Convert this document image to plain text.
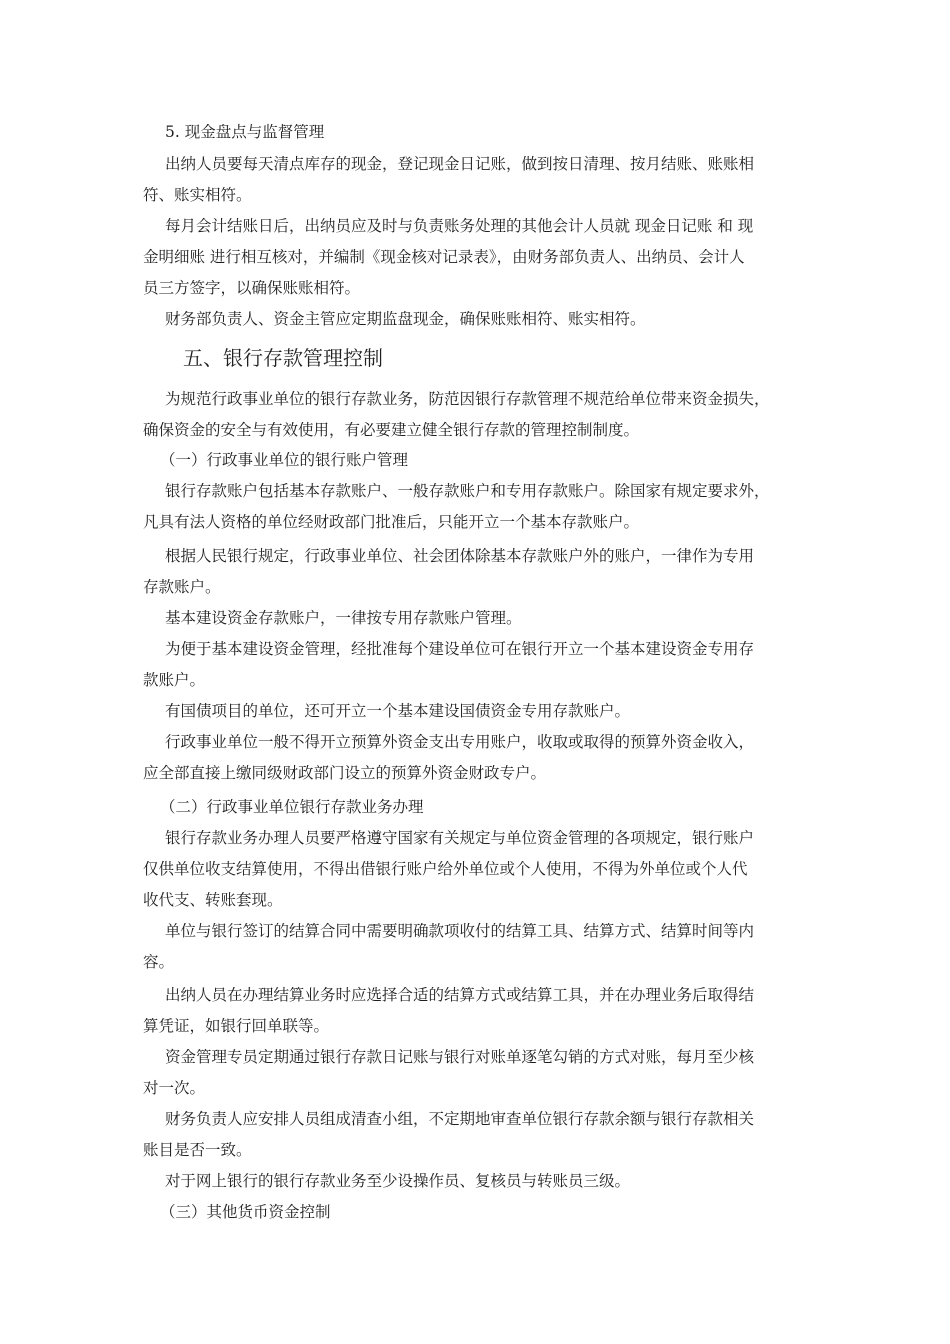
5. 现金盘点与监督管理
出纳人员要每天清点库存的现金，登记现金日记账，做到按日清理、按月结账、账账相
符、账实相符。
每月会计结账日后，出纳员应及时与负责账务处理的其他会计人员就 现金日记账 和 现
金明细账 进行相互核对，并编制《现金核对记录表》，由财务部负责人、出纳员、会计人
员三方签字，以确保账账相符。
财务部负责人、资金主管应定期监盘现金，确保账账相符、账实相符。
五、银行存款管理控制
为规范行政事业单位的银行存款业务，防范因银行存款管理不规范给单位带来资金损失，
确保资金的安全与有效使用，有必要建立健全银行存款的管理控制制度。
（一）行政事业单位的银行账户管理
银行存款账户包括基本存款账户、一般存款账户和专用存款账户。除国家有规定要求外，
凡具有法人资格的单位经财政部门批准后，只能开立一个基本存款账户。
根据人民银行规定，行政事业单位、社会团体除基本存款账户外的账户，一律作为专用
存款账户。
基本建设资金存款账户，一律按专用存款账户管理。
为便于基本建设资金管理，经批准每个建设单位可在银行开立一个基本建设资金专用存
款账户。
有国债项目的单位，还可开立一个基本建设国债资金专用存款账户。
行政事业单位一般不得开立预算外资金支出专用账户，收取或取得的预算外资金收入，
应全部直接上缴同级财政部门设立的预算外资金财政专户。
（二）行政事业单位银行存款业务办理
银行存款业务办理人员要严格遵守国家有关规定与单位资金管理的各项规定，银行账户
仅供单位收支结算使用，不得出借银行账户给外单位或个人使用，不得为外单位或个人代
收代支、转账套现。
单位与银行签订的结算合同中需要明确款项收付的结算工具、结算方式、结算时间等内
容。
出纳人员在办理结算业务时应选择合适的结算方式或结算工具，并在办理业务后取得结
算凭证，如银行回单联等。
资金管理专员定期通过银行存款日记账与银行对账单逐笔勾销的方式对账，每月至少核
对一次。
财务负责人应安排人员组成清查小组，不定期地审查单位银行存款余额与银行存款相关
账目是否一致。
对于网上银行的银行存款业务至少设操作员、复核员与转账员三级。
（三）其他货币资金控制
